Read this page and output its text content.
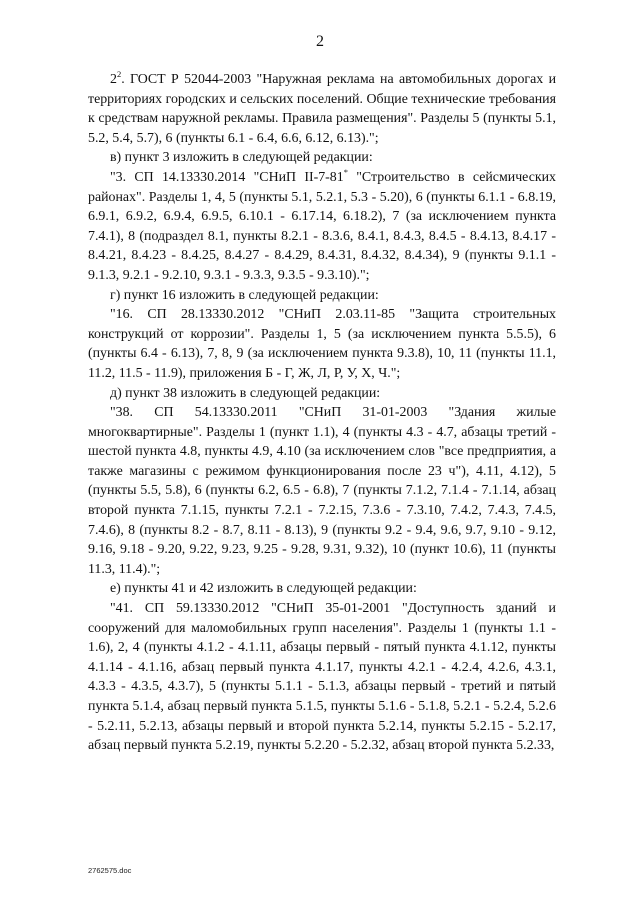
2

$2^2$. ГОСТ Р 52044-2003 "Наружная реклама на автомобильных дорогах и территориях городских и сельских поселений. Общие технические требования к средствам наружной рекламы. Правила размещения". Разделы 5 (пункты 5.1, 5.2, 5.4, 5.7), 6 (пункты 6.1 - 6.4, 6.6, 6.12, 6.13).";

в) пункт 3 изложить в следующей редакции:

"3. СП 14.13330.2014 "СНиП II-7-81* "Строительство в сейсмических районах". Разделы 1, 4, 5 (пункты 5.1, 5.2.1, 5.3 - 5.20), 6 (пункты 6.1.1 - 6.8.19, 6.9.1, 6.9.2, 6.9.4, 6.9.5, 6.10.1 - 6.17.14, 6.18.2), 7 (за исключением пункта 7.4.1), 8 (подраздел 8.1, пункты 8.2.1 - 8.3.6, 8.4.1, 8.4.3, 8.4.5 - 8.4.13, 8.4.17 - 8.4.21, 8.4.23 - 8.4.25, 8.4.27 - 8.4.29, 8.4.31, 8.4.32, 8.4.34), 9 (пункты 9.1.1 - 9.1.3, 9.2.1 - 9.2.10, 9.3.1 - 9.3.3, 9.3.5 - 9.3.10).";

г) пункт 16 изложить в следующей редакции:

"16. СП 28.13330.2012 "СНиП 2.03.11-85 "Защита строительных конструкций от коррозии". Разделы 1, 5 (за исключением пункта 5.5.5), 6 (пункты 6.4 - 6.13), 7, 8, 9 (за исключением пункта 9.3.8), 10, 11 (пункты 11.1, 11.2, 11.5 - 11.9), приложения Б - Г, Ж, Л, Р, У, Х, Ч.";

д) пункт 38 изложить в следующей редакции:

"38. СП 54.13330.2011 "СНиП 31-01-2003 "Здания жилые многоквартирные". Разделы 1 (пункт 1.1), 4 (пункты 4.3 - 4.7, абзацы третий - шестой пункта 4.8, пункты 4.9, 4.10 (за исключением слов "все предприятия, а также магазины с режимом функционирования после 23 ч"), 4.11, 4.12), 5 (пункты 5.5, 5.8), 6 (пункты 6.2, 6.5 - 6.8), 7 (пункты 7.1.2, 7.1.4 - 7.1.14, абзац второй пункта 7.1.15, пункты 7.2.1 - 7.2.15, 7.3.6 - 7.3.10, 7.4.2, 7.4.3, 7.4.5, 7.4.6), 8 (пункты 8.2 - 8.7, 8.11 - 8.13), 9 (пункты 9.2 - 9.4, 9.6, 9.7, 9.10 - 9.12, 9.16, 9.18 - 9.20, 9.22, 9.23, 9.25 - 9.28, 9.31, 9.32), 10 (пункт 10.6), 11 (пункты 11.3, 11.4).";

е) пункты 41 и 42 изложить в следующей редакции:

"41. СП 59.13330.2012 "СНиП 35-01-2001 "Доступность зданий и сооружений для маломобильных групп населения". Разделы 1 (пункты 1.1 - 1.6), 2, 4 (пункты 4.1.2 - 4.1.11, абзацы первый - пятый пункта 4.1.12, пункты 4.1.14 - 4.1.16, абзац первый пункта 4.1.17, пункты 4.2.1 - 4.2.4, 4.2.6, 4.3.1, 4.3.3 - 4.3.5, 4.3.7), 5 (пункты 5.1.1 - 5.1.3, абзацы первый - третий и пятый пункта 5.1.4, абзац первый пункта 5.1.5, пункты 5.1.6 - 5.1.8, 5.2.1 - 5.2.4, 5.2.6 - 5.2.11, 5.2.13, абзацы первый и второй пункта 5.2.14, пункты 5.2.15 - 5.2.17, абзац первый пункта 5.2.19, пункты 5.2.20 - 5.2.32, абзац второй пункта 5.2.33,

2762575.doc
